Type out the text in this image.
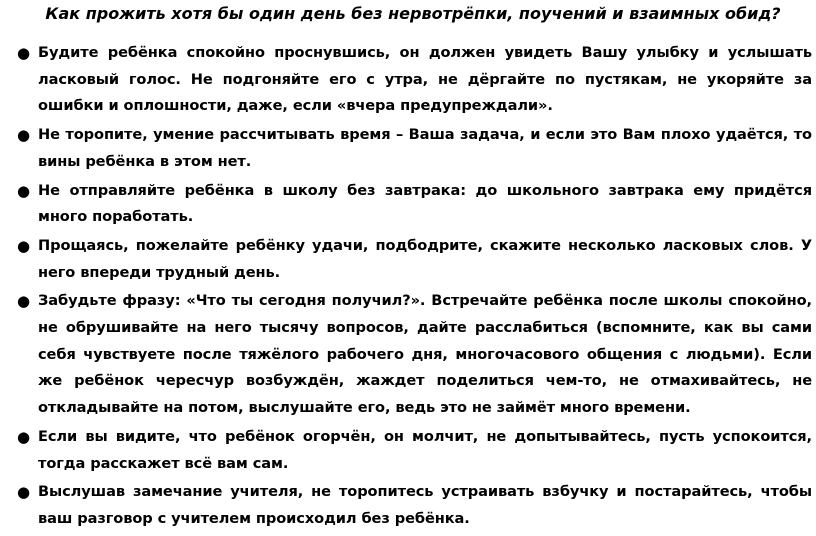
Как прожить хотя бы один день без нервотрёпки, поучений и взаимных обид?
● Будите ребёнка спокойно проснувшись, он должен увидеть Вашу улыбку и услышать ласковый голос. Не подгоняйте его с утра, не дёргайте по пустякам, не укоряйте за ошибки и оплошности, даже, если «вчера предупреждали».
● Не торопите, умение рассчитывать время – Ваша задача, и если это Вам плохо удаётся, то вины ребёнка в этом нет.
● Не отправляйте ребёнка в школу без завтрака: до школьного завтрака ему придётся много поработать.
● Прощаясь, пожелайте ребёнку удачи, подбодрите, скажите несколько ласковых слов. У него впереди трудный день.
● Забудьте фразу: «Что ты сегодня получил?». Встречайте ребёнка после школы спокойно, не обрушивайте на него тысячу вопросов, дайте расслабиться (вспомните, как вы сами себя чувствуете после тяжёлого рабочего дня, многочасового общения с людьми). Если же ребёнок чересчур возбуждён, жаждет поделиться чем-то, не отмахивайтесь, не откладывайте на потом, выслушайте его, ведь это не займёт много времени.
● Если вы видите, что ребёнок огорчён, он молчит, не допытывайтесь, пусть успокоится, тогда расскажет всё вам сам.
● Выслушав замечание учителя, не торопитесь устраивать взбучку и постарайтесь, чтобы ваш разговор с учителем происходил без ребёнка.
